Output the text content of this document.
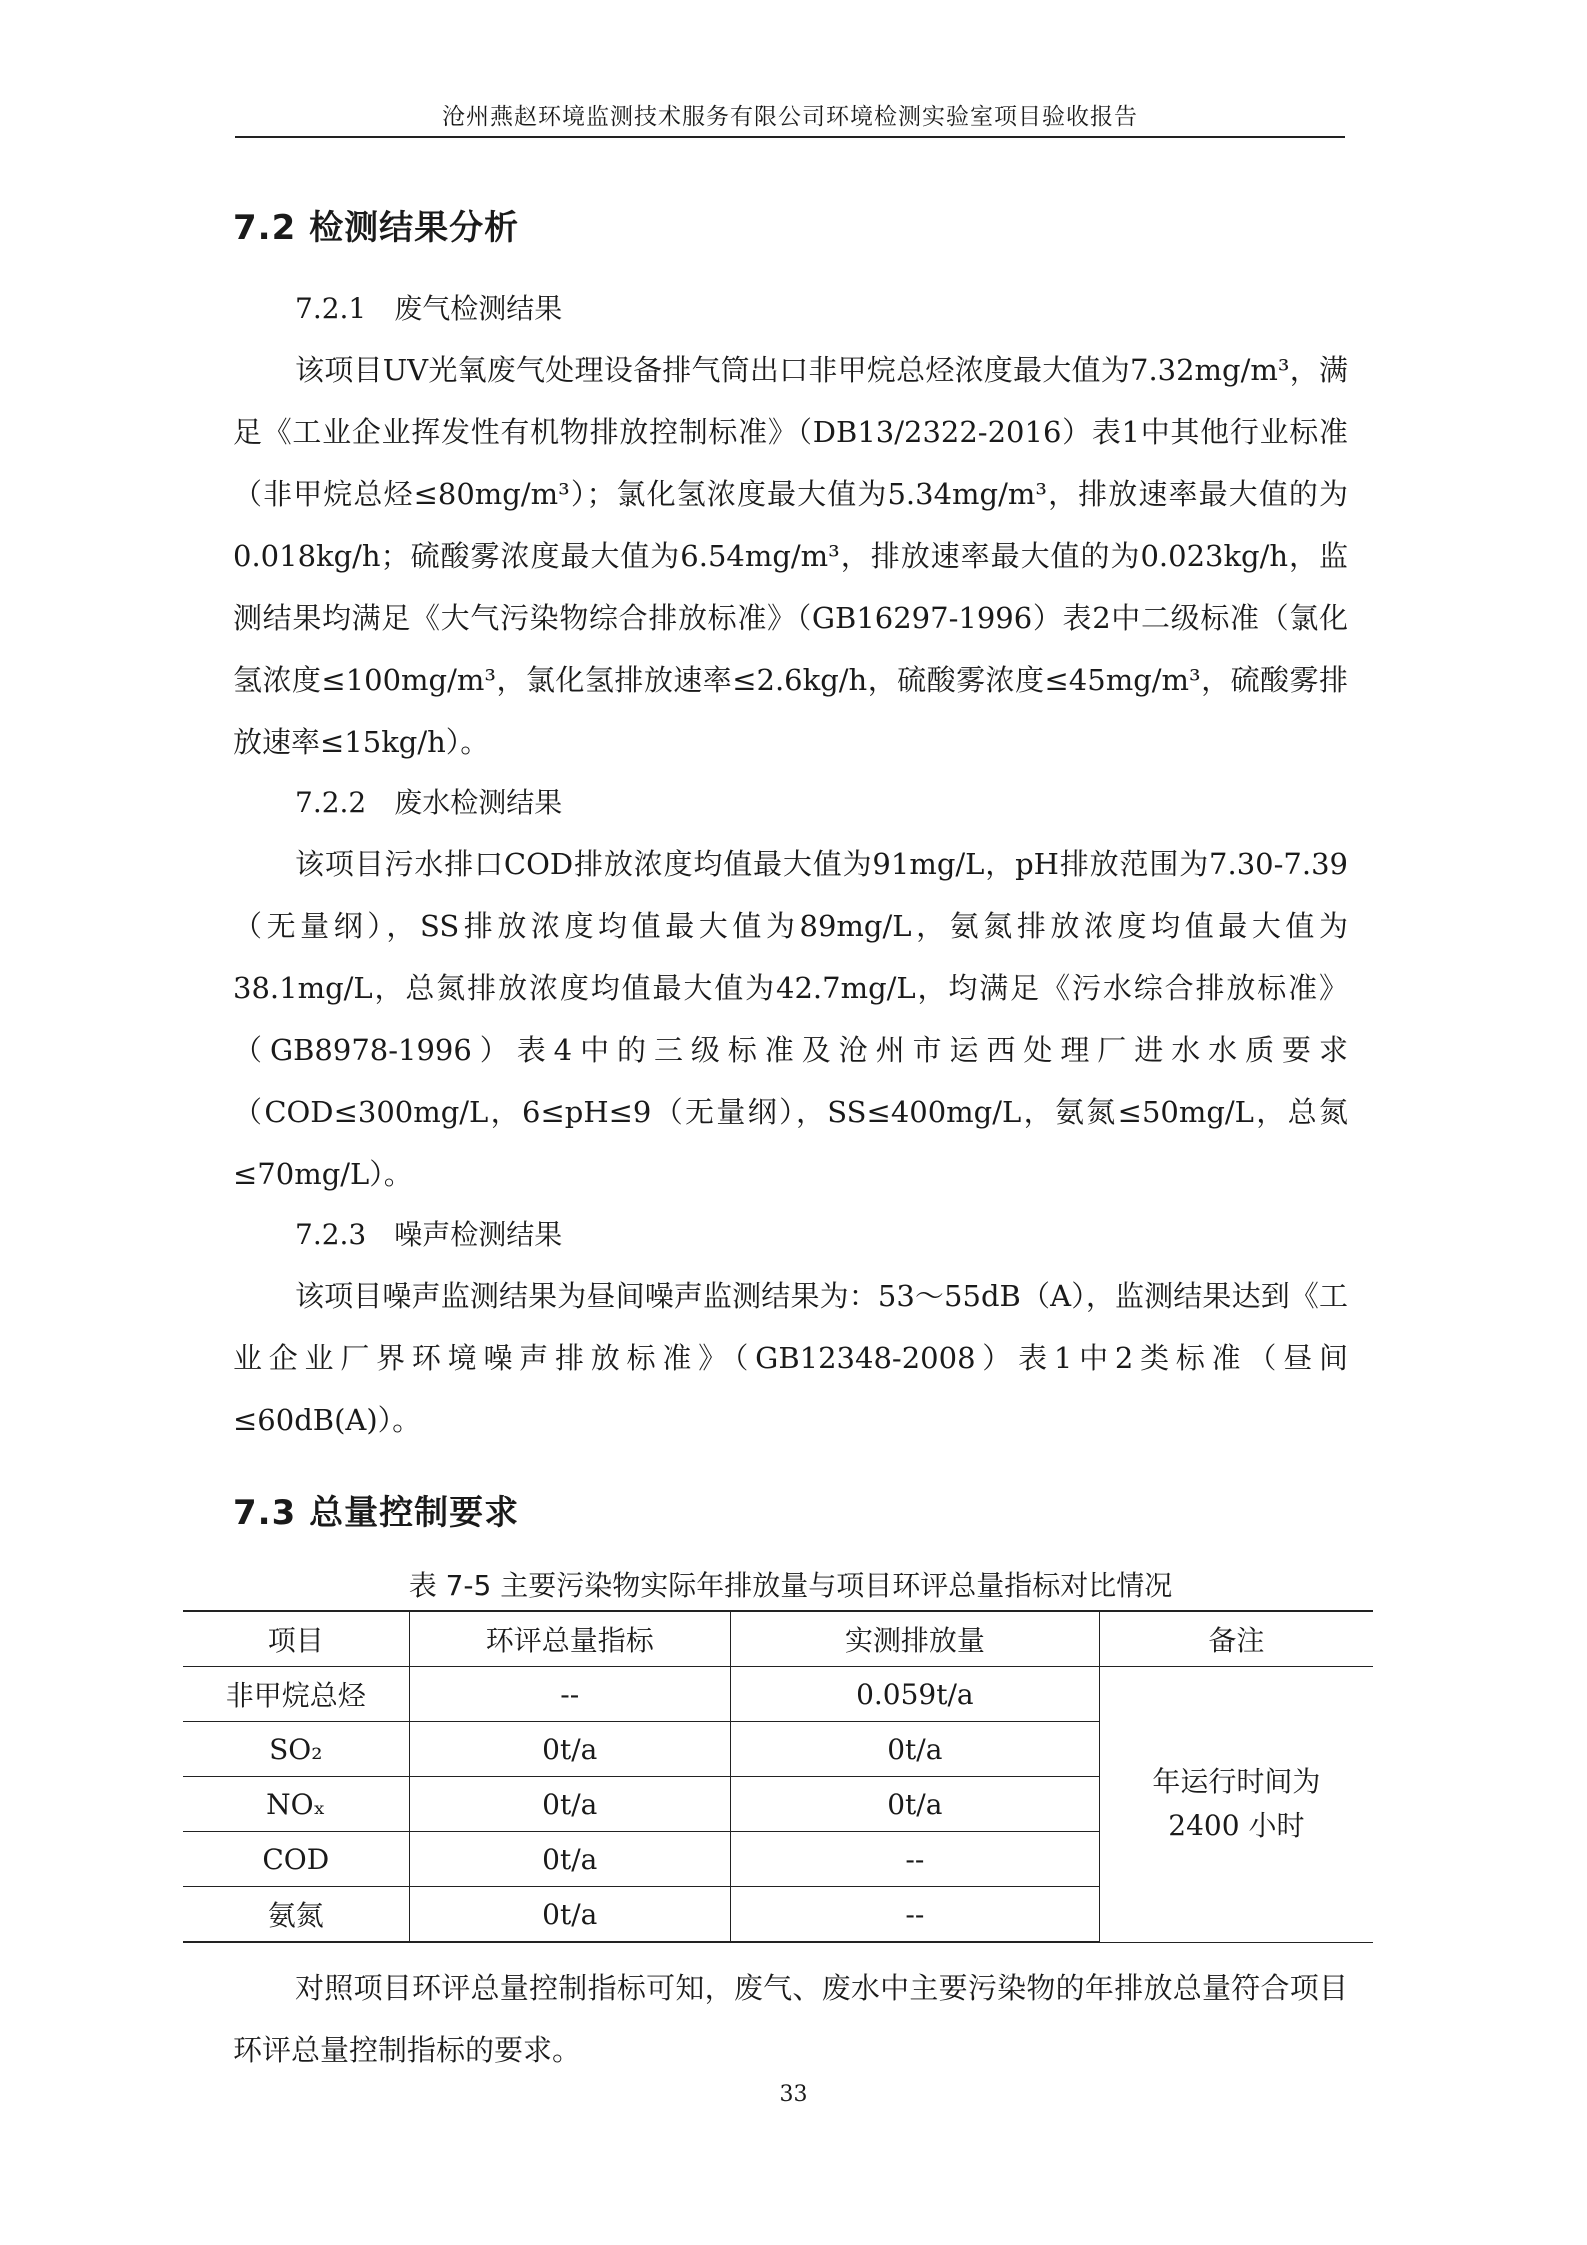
沧州燕赵环境监测技术服务有限公司环境检测实验室项目验收报告
7.2 检测结果分析
7.2.1　废气检测结果

该项目UV光氧废气处理设备排气筒出口非甲烷总烃浓度最大值为7.32mg/m³，满足《工业企业挥发性有机物排放控制标准》（DB13/2322-2016）表1中其他行业标准（非甲烷总烃≤80mg/m³）；氯化氢浓度最大值为5.34mg/m³，排放速率最大值的为0.018kg/h；硫酸雾浓度最大值为6.54mg/m³，排放速率最大值的为0.023kg/h，监测结果均满足《大气污染物综合排放标准》（GB16297-1996）表2中二级标准（氯化氢浓度≤100mg/m³，氯化氢排放速率≤2.6kg/h，硫酸雾浓度≤45mg/m³，硫酸雾排放速率≤15kg/h）。

7.2.2　废水检测结果

该项目污水排口COD排放浓度均值最大值为91mg/L，pH排放范围为7.30-7.39（无量纲），SS排放浓度均值最大值为89mg/L，氨氮排放浓度均值最大值为38.1mg/L，总氮排放浓度均值最大值为42.7mg/L，均满足《污水综合排放标准》（GB8978-1996）表4中的三级标准及沧州市运西处理厂进水水质要求（COD≤300mg/L，6≤pH≤9（无量纲），SS≤400mg/L，氨氮≤50mg/L，总氮≤70mg/L）。

7.2.3　噪声检测结果

该项目噪声监测结果为昼间噪声监测结果为：53～55dB（A），监测结果达到《工业企业厂界环境噪声排放标准》（GB12348-2008）表1中2类标准（昼间≤60dB(A)）。

7.3 总量控制要求
表 7-5 主要污染物实际年排放量与项目环评总量指标对比情况
项目	环评总量指标	实测排放量	备注
非甲烷总烃	--	0.059t/a	年运行时间为
2400 小时

SO₂	0t/a	0t/a	
NOₓ	0t/a	0t/a	
COD	0t/a	--	
氨氮	0t/a	--	

对照项目环评总量控制指标可知，废气、废水中主要污染物的年排放总量符合项目环评总量控制指标的要求。

33
